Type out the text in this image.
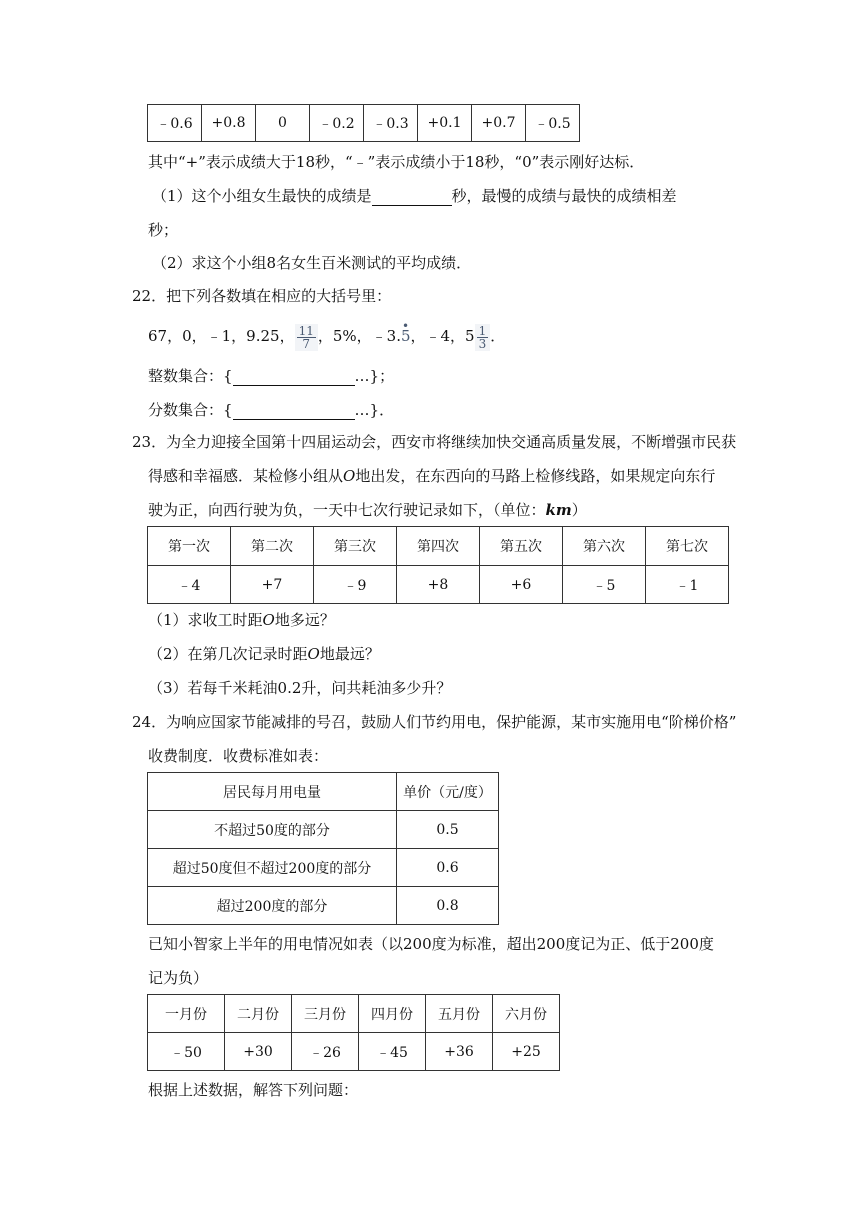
﹣0.6	+0.8	0	﹣0.2	﹣0.3	+0.1	+0.7	﹣0.5
其中“+”表示成绩大于18秒，“﹣”表示成绩小于18秒，“0”表示刚好达标．
（1）这个小组女生最快的成绩是	秒，最慢的成绩与最快的成绩相差
秒；
（2）求这个小组8名女生百米测试的平均成绩．
22．把下列各数填在相应的大括号里：
67，0，﹣1，9.25， $\frac{11}{7}$ ，5%，﹣3.• 5，﹣4，$5 \frac{1}{3}$ ．
整数集合：{	…}；
分数集合：{	…}．
23．为全力迎接全国第十四届运动会，西安市将继续加快交通高质量发展，不断增强市民获
得感和幸福感．某检修小组从O地出发，在东西向的马路上检修线路，如果规定向东行
驶为正，向西行驶为负，一天中七次行驶记录如下，（单位：km）
第一次	第二次	第三次	第四次	第五次	第六次	第七次
﹣4	+7	﹣9	+8	+6	﹣5	﹣1
（1）求收工时距O地多远？
（2）在第几次记录时距O地最远？
（3）若每千米耗油0.2升，问共耗油多少升？
24．为响应国家节能减排的号召，鼓励人们节约用电，保护能源，某市实施用电“阶梯价格”
收费制度．收费标准如表：
居民每月用电量	单价（元/度）
不超过50度的部分	0.5
超过50度但不超过200度的部分	0.6
超过200度的部分	0.8
已知小智家上半年的用电情况如表（以200度为标准，超出200度记为正、低于200度
记为负）
一月份	二月份	三月份	四月份	五月份	六月份
﹣50	+30	﹣26	﹣45	+36	+25
根据上述数据，解答下列问题：
